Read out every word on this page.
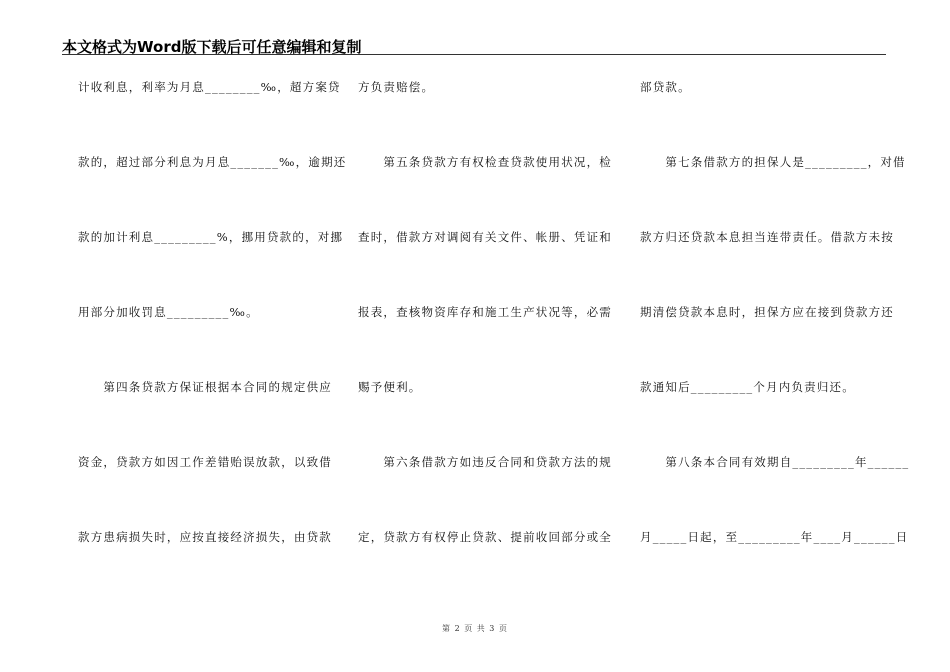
本文格式为Word版下载后可任意编辑和复制
计收利息，利率为月息________‰，超方案贷
款的，超过部分利息为月息_______‰，逾期还
款的加计利息_________%，挪用贷款的，对挪
用部分加收罚息_________‰。
　　第四条贷款方保证根据本合同的规定供应
资金，贷款方如因工作差错贻误放款，以致借
款方患病损失时，应按直接经济损失，由贷款
方负责赔偿。
　　第五条贷款方有权检查贷款使用状况，检
查时，借款方对调阅有关文件、帐册、凭证和
报表，查核物资库存和施工生产状况等，必需
赐予便利。
　　第六条借款方如违反合同和贷款方法的规
定，贷款方有权停止贷款、提前收回部分或全
部贷款。
　　第七条借款方的担保人是_________，对借
款方归还贷款本息担当连带责任。借款方未按
期清偿贷款本息时，担保方应在接到贷款方还
款通知后_________个月内负责归还。
　　第八条本合同有效期自_________年______
月_____日起，至_________年____月______日
第 2 页 共 3 页
